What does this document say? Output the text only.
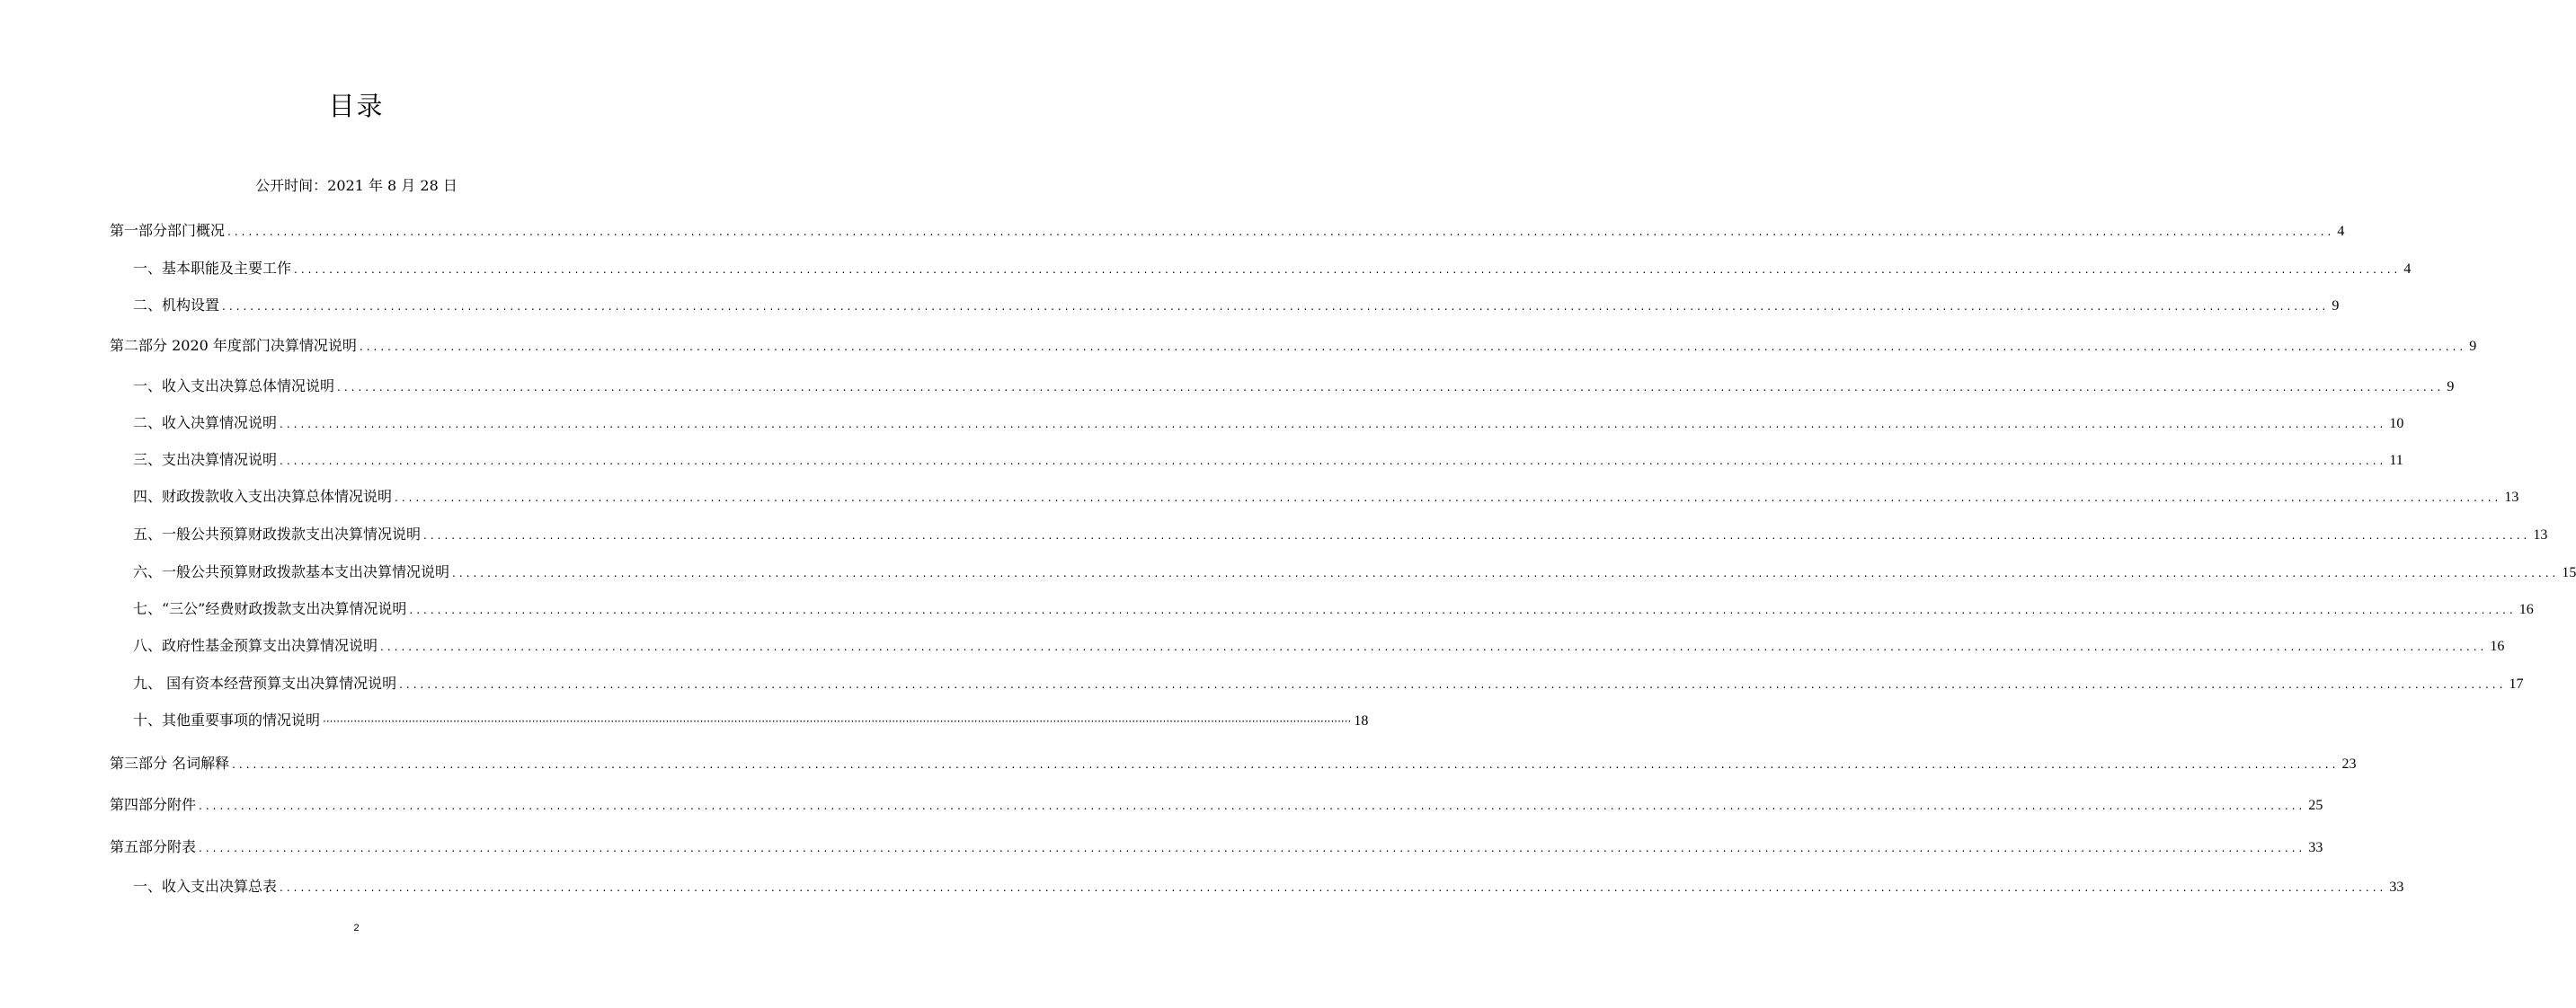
目录
公开时间：2021 年 8 月 28 日
第一部分部门概况 ............................................................................................................................................................................................................................................................................................................ 4
一、基本职能及主要工作 ............................................................................................................................................................................................................................................................................................................ 4
二、机构设置 ............................................................................................................................................................................................................................................................................................................ 9
第二部分 2020 年度部门决算情况说明 ............................................................................................................................................................................................................................................................................................................ 9
一、收入支出决算总体情况说明 ............................................................................................................................................................................................................................................................................................................ 9
二、收入决算情况说明 ............................................................................................................................................................................................................................................................................................................ 10
三、支出决算情况说明 ............................................................................................................................................................................................................................................................................................................ 11
四、财政拨款收入支出决算总体情况说明 ............................................................................................................................................................................................................................................................................................................ 13
五、一般公共预算财政拨款支出决算情况说明 ............................................................................................................................................................................................................................................................................................................ 13
六、一般公共预算财政拨款基本支出决算情况说明 ............................................................................................................................................................................................................................................................................................................ 15
七、“三公”经费财政拨款支出决算情况说明 ............................................................................................................................................................................................................................................................................................................ 16
八、政府性基金预算支出决算情况说明 ............................................................................................................................................................................................................................................................................................................ 16
九、 国有资本经营预算支出决算情况说明 ............................................................................................................................................................................................................................................................................................................ 17
十、其他重要事项的情况说明 ············································································································································································································································································································ 18
第三部分 名词解释 ............................................................................................................................................................................................................................................................................................................ 23
第四部分附件 ............................................................................................................................................................................................................................................................................................................ 25
第五部分附表 ............................................................................................................................................................................................................................................................................................................ 33
一、收入支出决算总表 ............................................................................................................................................................................................................................................................................................................ 33
2
